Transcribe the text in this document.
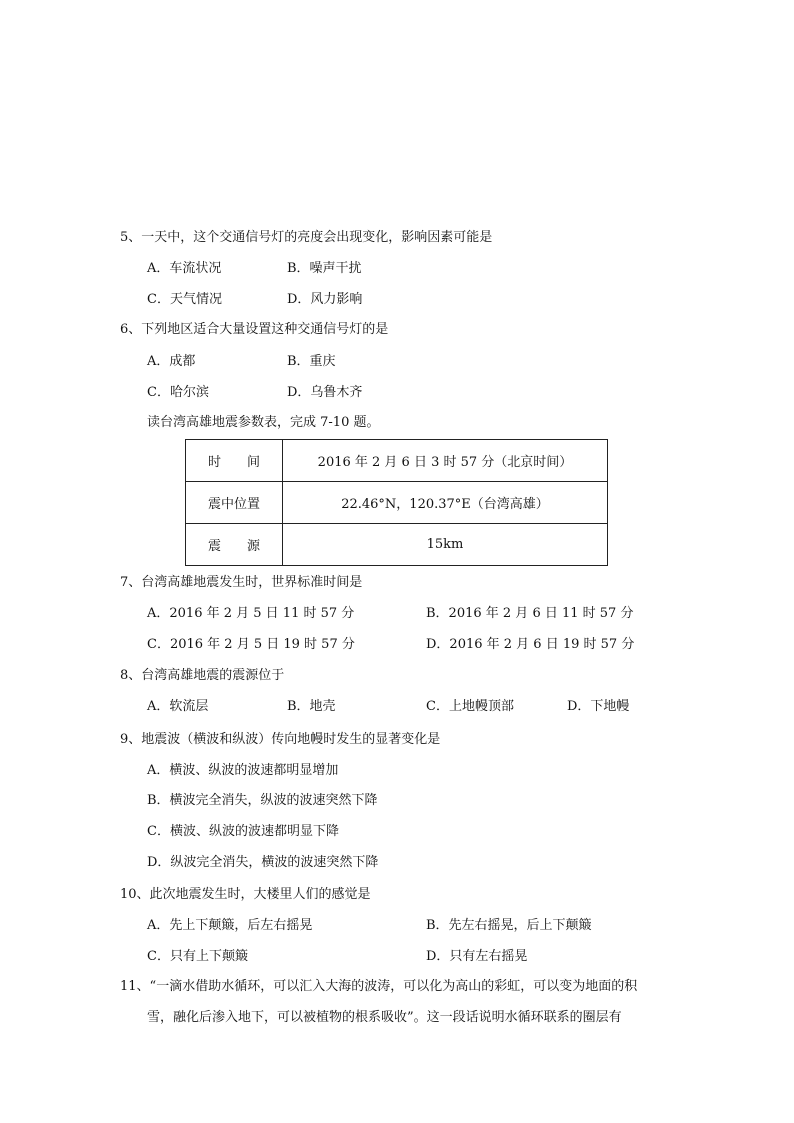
5、一天中，这个交通信号灯的亮度会出现变化，影响因素可能是
A．车流状况	B．噪声干扰
C．天气情况	D．风力影响
6、下列地区适合大量设置这种交通信号灯的是
A．成都	B．重庆
C．哈尔滨	D．乌鲁木齐
读台湾高雄地震参数表，完成 7-10 题。
时　　间	2016 年 2 月 6 日 3 时 57 分（北京时间）
震中位置	22.46°N，120.37°E（台湾高雄）
震　　源	15km
7、台湾高雄地震发生时，世界标准时间是
A．2016 年 2 月 5 日 11 时 57 分	B．2016 年 2 月 6 日 11 时 57 分
C．2016 年 2 月 5 日 19 时 57 分	D．2016 年 2 月 6 日 19 时 57 分
8、台湾高雄地震的震源位于
A．软流层	B．地壳	C．上地幔顶部	D．下地幔
9、地震波（横波和纵波）传向地幔时发生的显著变化是
A．横波、纵波的波速都明显增加
B．横波完全消失，纵波的波速突然下降
C．横波、纵波的波速都明显下降
D．纵波完全消失，横波的波速突然下降
10、此次地震发生时，大楼里人们的感觉是
A．先上下颠簸，后左右摇晃	B．先左右摇晃，后上下颠簸
C．只有上下颠簸	D．只有左右摇晃
11、“一滴水借助水循环，可以汇入大海的波涛，可以化为高山的彩虹，可以变为地面的积
雪，融化后渗入地下，可以被植物的根系吸收”。这一段话说明水循环联系的圈层有
